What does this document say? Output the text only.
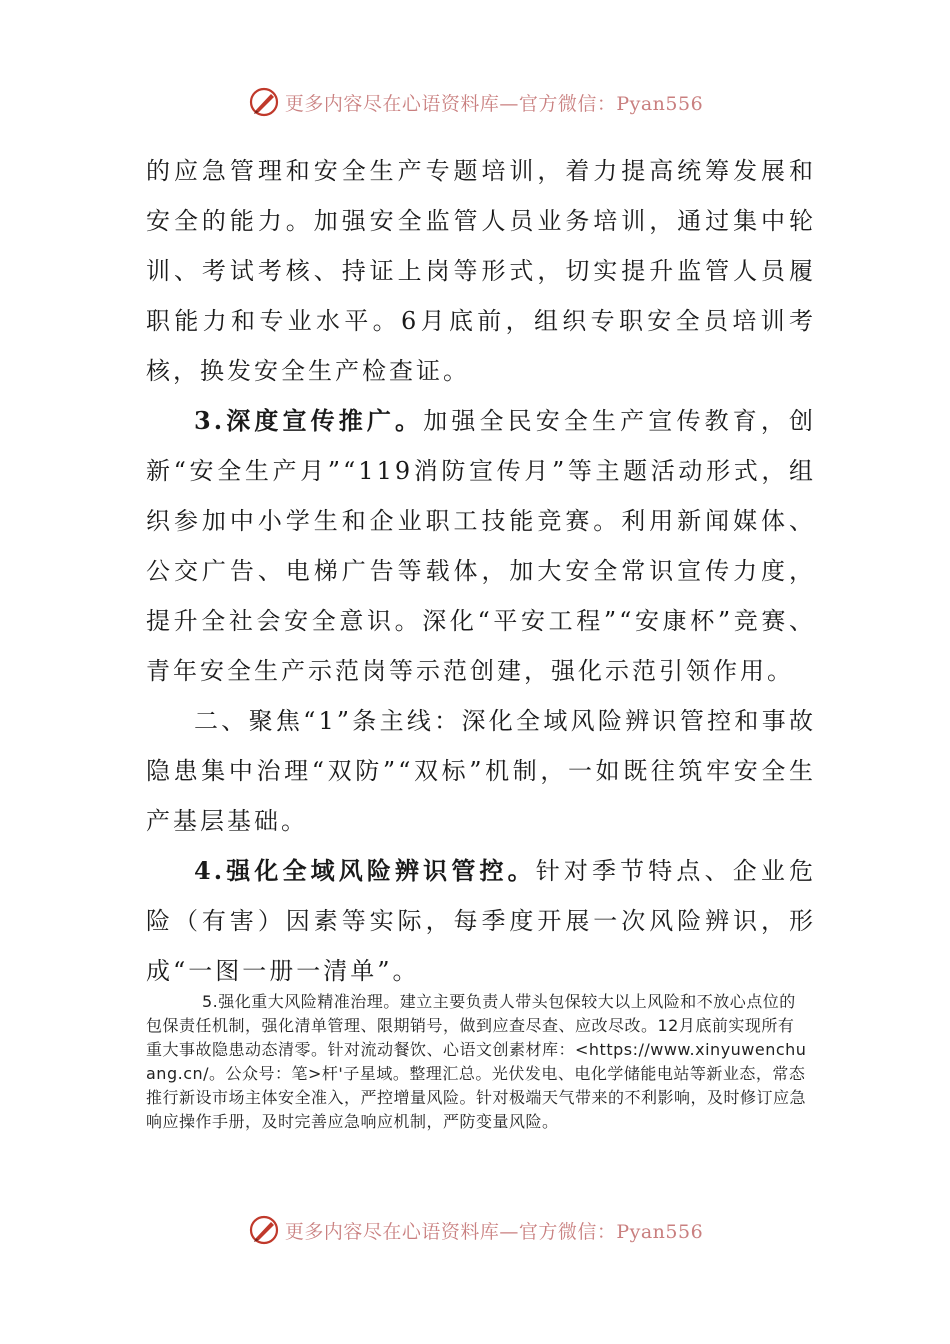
更多内容尽在心语资料库—官方微信：Pyan556

的应急管理和安全生产专题培训，着力提高统筹发展和安全的能力。加强安全监管人员业务培训，通过集中轮训、考试考核、持证上岗等形式，切实提升监管人员履职能力和专业水平。6月底前，组织专职安全员培训考核，换发安全生产检查证。

3.深度宣传推广。加强全民安全生产宣传教育，创新“安全生产月”“119消防宣传月”等主题活动形式，组织参加中小学生和企业职工技能竞赛。利用新闻媒体、公交广告、电梯广告等载体，加大安全常识宣传力度，提升全社会安全意识。深化“平安工程”“安康杯”竞赛、青年安全生产示范岗等示范创建，强化示范引领作用。

二、聚焦“1”条主线：深化全域风险辨识管控和事故隐患集中治理“双防”“双标”机制，一如既往筑牢安全生产基层基础。

4.强化全域风险辨识管控。针对季节特点、企业危险（有害）因素等实际，每季度开展一次风险辨识，形成“一图一册一清单”。

5.强化重大风险精准治理。建立主要负责人带头包保较大以上风险和不放心点位的包保责任机制，强化清单管理、限期销号，做到应查尽查、应改尽改。12月底前实现所有重大事故隐患动态清零。针对流动餐饮、心语文创素材库：<https://www.xinyuwenchuang.cn/。公众号：笔>杆'子星域。整理汇总。光伏发电、电化学储能电站等新业态，常态推行新设市场主体安全准入，严控增量风险。针对极端天气带来的不利影响，及时修订应急响应操作手册，及时完善应急响应机制，严防变量风险。

更多内容尽在心语资料库—官方微信：Pyan556
